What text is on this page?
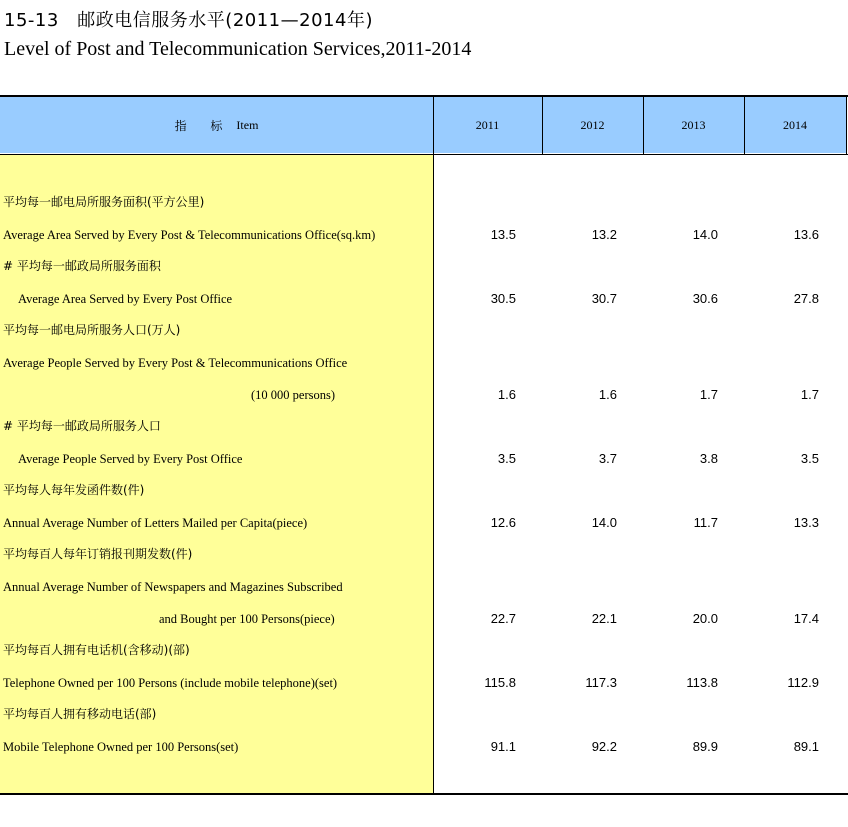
15-13　邮政电信服务水平(2011—2014年)
Level of Post and Telecommunication Services,2011-2014
指 标 Item	2011	2012	2013	2014
平均每一邮电局所服务面积(平方公里)
Average Area Served by Every Post & Telecommunications Office(sq.km)	13.5	13.2	14.0	13.6
# 平均每一邮政局所服务面积
Average Area Served by Every Post Office	30.5	30.7	30.6	27.8
平均每一邮电局所服务人口(万人)
Average People Served by Every Post & Telecommunications Office
(10 000 persons)	1.6	1.6	1.7	1.7
# 平均每一邮政局所服务人口
Average People Served by Every Post Office	3.5	3.7	3.8	3.5
平均每人每年发函件数(件)
Annual Average Number of Letters Mailed per Capita(piece)	12.6	14.0	11.7	13.3
平均每百人每年订销报刊期发数(件)
Annual Average Number of Newspapers and Magazines Subscribed
and Bought per 100 Persons(piece)	22.7	22.1	20.0	17.4
平均每百人拥有电话机(含移动)(部)
Telephone Owned per 100 Persons (include mobile telephone)(set)	115.8	117.3	113.8	112.9
平均每百人拥有移动电话(部)
Mobile Telephone Owned per 100 Persons(set)	91.1	92.2	89.9	89.1
